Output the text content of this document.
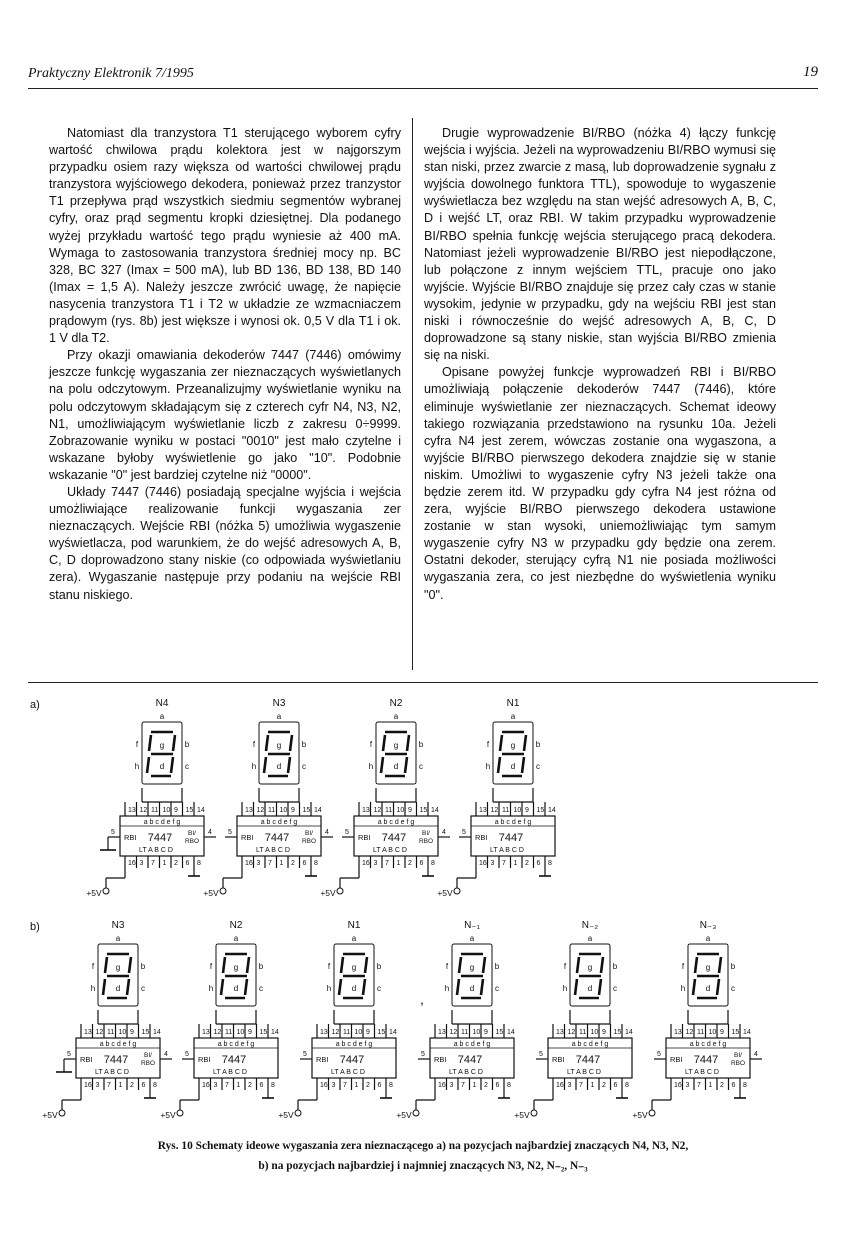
Praktyczny Elektronik 7/1995	19

Natomiast dla tranzystora T1 sterującego wyborem cyfry wartość chwilowa prądu kolektora jest w najgorszym przypadku osiem razy większa od wartości chwilowej prądu tranzystora wyjściowego dekodera, ponieważ przez tranzystor T1 przepływa prąd wszystkich siedmiu segmentów wybranej cyfry, oraz prąd segmentu kropki dziesiętnej. Dla podanego wyżej przykładu wartość tego prądu wyniesie aż 400 mA. Wymaga to zastosowania tranzystora średniej mocy np. BC 328, BC 327 (Imax = 500 mA), lub BD 136, BD 138, BD 140 (Imax = 1,5 A). Należy jeszcze zwrócić uwagę, że napięcie nasycenia tranzystora T1 i T2 w układzie ze wzmacniaczem prądowym (rys. 8b) jest większe i wynosi ok. 0,5 V dla T1 i ok. 1 V dla T2.

Przy okazji omawiania dekoderów 7447 (7446) omówimy jeszcze funkcję wygaszania zer nieznaczących wyświetlanych na polu odczytowym. Przeanalizujmy wyświetlanie wyniku na polu odczytowym składającym się z czterech cyfr N4, N3, N2, N1, umożliwiającym wyświetlanie liczb z zakresu 0÷9999. Zobrazowanie wyniku w postaci "0010" jest mało czytelne i wskazane byłoby wyświetlenie go jako "10". Podobnie wskazanie "0" jest bardziej czytelne niż "0000".

Układy 7447 (7446) posiadają specjalne wyjścia i wejścia umożliwiające realizowanie funkcji wygaszania zer nieznaczących. Wejście RBI (nóżka 5) umożliwia wygaszenie wyświetlacza, pod warunkiem, że do wejść adresowych A, B, C, D doprowadzono stany niskie (co odpowiada wyświetlaniu zera). Wygaszanie następuje przy podaniu na wejście RBI stanu niskiego.

Drugie wyprowadzenie BI/RBO (nóżka 4) łączy funkcję wejścia i wyjścia. Jeżeli na wyprowadzeniu BI/RBO wymusi się stan niski, przez zwarcie z masą, lub doprowadzenie sygnału z wyjścia dowolnego funktora TTL), spowoduje to wygaszenie wyświetlacza bez względu na stan wejść adresowych A, B, C, D i wejść LT, oraz RBI. W takim przypadku wyprowadzenie BI/RBO spełnia funkcję wejścia sterującego pracą dekodera. Natomiast jeżeli wyprowadzenie BI/RBO jest niepodłączone, lub połączone z innym wejściem TTL, pracuje ono jako wyjście. Wyjście BI/RBO znajduje się przez cały czas w stanie wysokim, jedynie w przypadku, gdy na wejściu RBI jest stan niski i równocześnie do wejść adresowych A, B, C, D doprowadzone są stany niskie, stan wyjścia BI/RBO zmienia się na niski.

Opisane powyżej funkcje wyprowadzeń RBI i BI/RBO umożliwiają połączenie dekoderów 7447 (7446), które eliminuje wyświetlanie zer nieznaczących. Schemat ideowy takiego rozwiązania przedstawiono na rysunku 10a. Jeżeli cyfra N4 jest zerem, wówczas zostanie ona wygaszona, a wyjście BI/RBO pierwszego dekodera znajdzie się w stanie niskim. Umożliwi to wygaszenie cyfry N3 jeżeli także ona będzie zerem itd. W przypadku gdy cyfra N4 jest różna od zera, wyjście BI/RBO pierwszego dekodera ustawione zostanie w stan wysoki, uniemożliwiając tym samym wygaszenie cyfry N3 w przypadku gdy będzie ona zerem. Ostatni dekoder, sterujący cyfrą N1 nie posiada możliwości wygaszania zera, co jest niezbędne do wyświetlenia wyniku "0".

a)
b)
N4
a
b
c
d
f	g
h
13 12 11 10 9 15 14
a b c d e f g
RBI 7447 BI/
RBO
LT A B C D
16 3 7 1 2 6 8
5	4
+5V
N3
a
b
c
d
f	g
h
13 12 11 10 9 15 14
a b c d e f g
RBI 7447 BI/
RBO
LT A B C D
16 3 7 1 2 6 8
5	4
+5V
N2
a
b
c
d
f	g
h
13 12 11 10 9 15 14
a b c d e f g
RBI 7447 BI/
RBO
LT A B C D
16 3 7 1 2 6 8
5	4
+5V
N1
a
b
c
d
f	g
h
13 12 11 10 9 15 14
a b c d e f g
RBI 7447
LT A B C D
16 3 7 1 2 6 8
5
+5V
N3
a
b
c
d
f	g
h
13 12 11 10 9 15 14
a b c d e f g
RBI 7447 BI/
RBO
LT A B C D
16 3 7 1 2 6 8
5	4
+5V
N2
a
b
c
d
f	g
h
13 12 11 10 9 15 14
a b c d e f g
RBI 7447
LT A B C D
16 3 7 1 2 6 8
5
+5V
N1
a
b
c
d
f	g
h
13 12 11 10 9 15 14
a b c d e f g
RBI 7447
LT A B C D
16 3 7 1 2 6 8
5
+5V
N₋₁
a
b
c
d
f	g
h
13 12 11 10 9 15 14
a b c d e f g
RBI 7447
LT A B C D
16 3 7 1 2 6 8
5
+5V
N₋₂
a
b
c
d
f	g
h
13 12 11 10 9 15 14
a b c d e f g
RBI 7447
LT A B C D
16 3 7 1 2 6 8
5
+5V
N₋₃
a
b
c
d
f	g
h
13 12 11 10 9 15 14
a b c d e f g
RBI 7447 BI/
RBO
LT A B C D
16 3 7 1 2 6 8
5	4
+5V
,
Rys. 10 Schematy ideowe wygaszania zera nieznaczącego a) na pozycjach najbardziej znaczących N4, N3, N2,
b) na pozycjach najbardziej i najmniej znaczących N3, N2, N₋₂, N₋₃
